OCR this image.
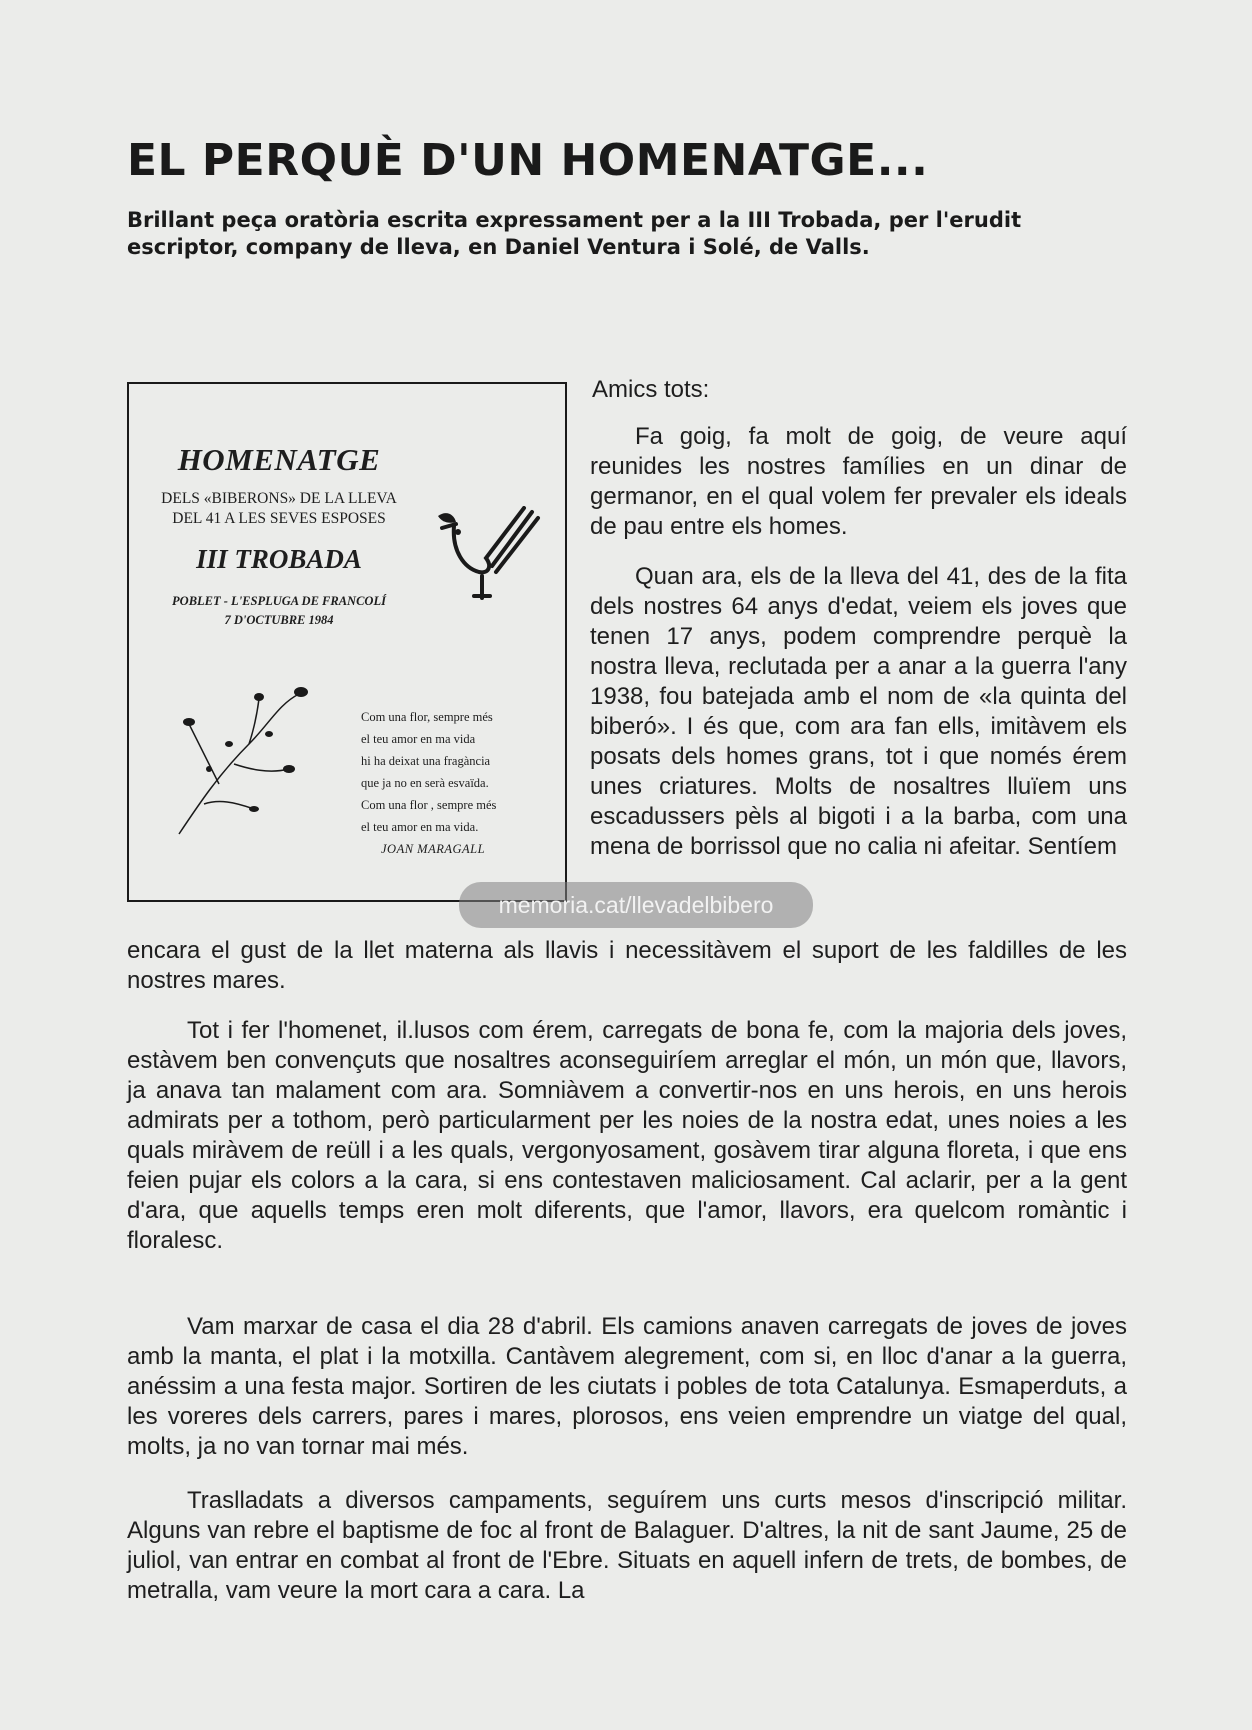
EL PERQUÈ D'UN HOMENATGE...

Brillant peça oratòria escrita expressament per a la III Trobada, per l'erudit escriptor, company de lleva, en Daniel Ventura i Solé, de Valls.

HOMENATGE
DELS «BIBERONS» DE LA LLEVA
DEL 41 A LES SEVES ESPOSES
III TROBADA
POBLET - L'ESPLUGA DE FRANCOLÍ
7 D'OCTUBRE 1984
Com una flor, sempre més
el teu amor en ma vida
hi ha deixat una fragància
que ja no en serà esvaïda.
Com una flor , sempre més
el teu amor en ma vida.
JOAN MARAGALL

Amics tots:

Fa goig, fa molt de goig, de veure aquí reunides les nostres famílies en un dinar de germanor, en el qual volem fer prevaler els ideals de pau entre els homes.

Quan ara, els de la lleva del 41, des de la fita dels nostres 64 anys d'edat, veiem els joves que tenen 17 anys, podem comprendre perquè la nostra lleva, reclutada per a anar a la guerra l'any 1938, fou batejada amb el nom de «la quinta del biberó». I és que, com ara fan ells, imitàvem els posats dels homes grans, tot i que només érem unes criatures. Molts de nosaltres lluïem uns escadussers pèls al bigoti i a la barba, com una mena de borrissol que no calia ni afeitar. Sentíem

encara el gust de la llet materna als llavis i necessitàvem el suport de les faldilles de les nostres mares.

Tot i fer l'homenet, il.lusos com érem, carregats de bona fe, com la majoria dels joves, estàvem ben convençuts que nosaltres aconseguiríem arreglar el món, un món que, llavors, ja anava tan malament com ara. Somniàvem a convertir-nos en uns herois, en uns herois admirats per a tothom, però particularment per les noies de la nostra edat, unes noies a les quals miràvem de reüll i a les quals, vergonyosament, gosàvem tirar alguna floreta, i que ens feien pujar els colors a la cara, si ens contestaven maliciosament. Cal aclarir, per a la gent d'ara, que aquells temps eren molt diferents, que l'amor, llavors, era quelcom romàntic i floralesc.

Vam marxar de casa el dia 28 d'abril. Els camions anaven carregats de joves de joves amb la manta, el plat i la motxilla. Cantàvem alegrement, com si, en lloc d'anar a la guerra, anéssim a una festa major. Sortiren de les ciutats i pobles de tota Catalunya. Esmaperduts, a les voreres dels carrers, pares i mares, plorosos, ens veien emprendre un viatge del qual, molts, ja no van tornar mai més.

Traslladats a diversos campaments, seguírem uns curts mesos d'inscripció militar. Alguns van rebre el baptisme de foc al front de Balaguer. D'altres, la nit de sant Jaume, 25 de juliol, van entrar en combat al front de l'Ebre. Situats en aquell infern de trets, de bombes, de metralla, vam veure la mort cara a cara. La

memoria.cat/llevadelbibero
